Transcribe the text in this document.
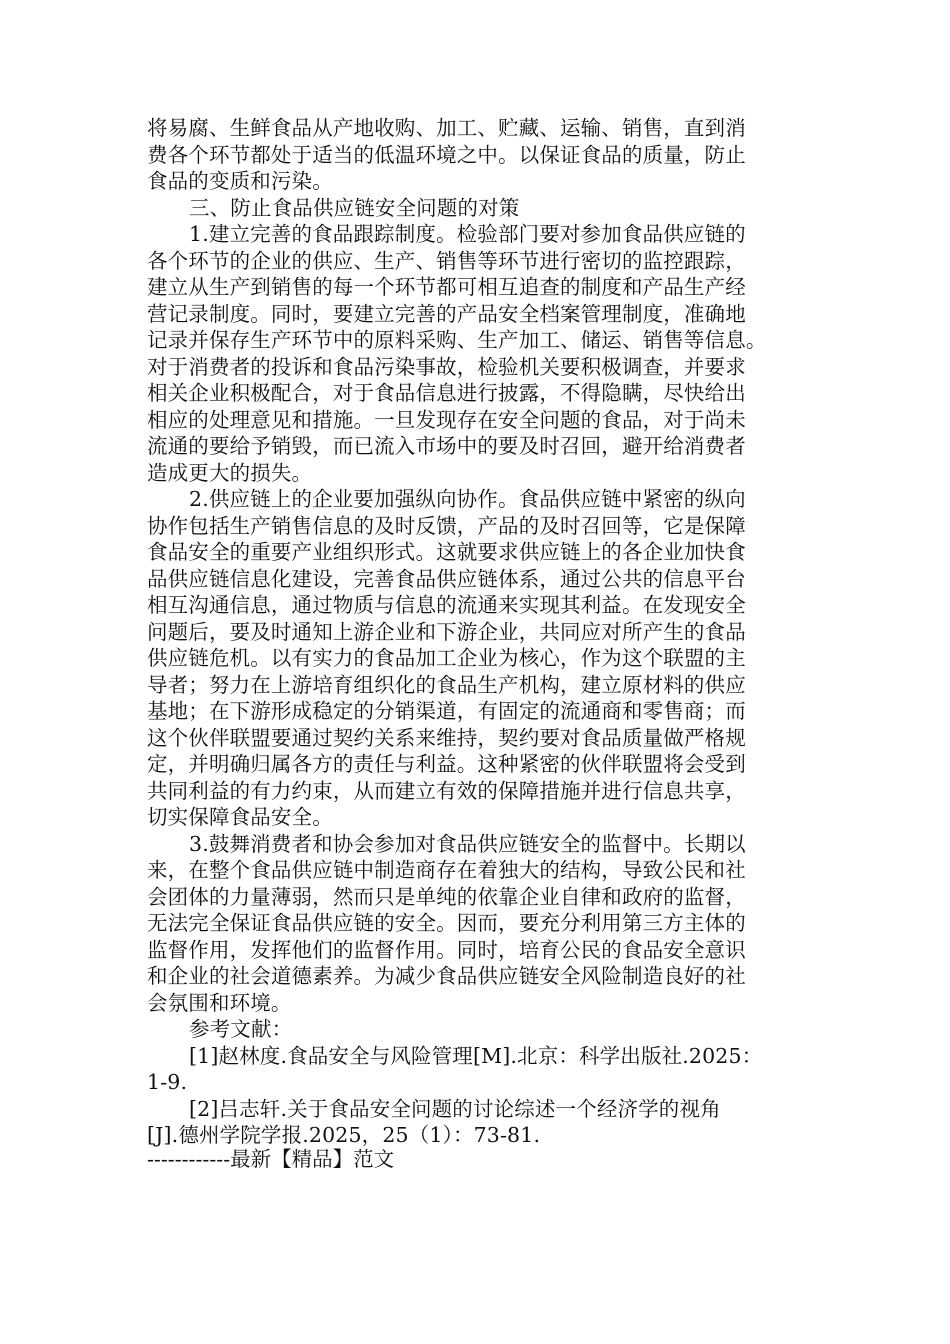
将易腐、生鲜食品从产地收购、加工、贮藏、运输、销售，直到消
费各个环节都处于适当的低温环境之中。以保证食品的质量，防止
食品的变质和污染。
三、防止食品供应链安全问题的对策
1.建立完善的食品跟踪制度。检验部门要对参加食品供应链的
各个环节的企业的供应、生产、销售等环节进行密切的监控跟踪，
建立从生产到销售的每一个环节都可相互追查的制度和产品生产经
营记录制度。同时，要建立完善的产品安全档案管理制度，准确地
记录并保存生产环节中的原料采购、生产加工、储运、销售等信息。
对于消费者的投诉和食品污染事故，检验机关要积极调查，并要求
相关企业积极配合，对于食品信息进行披露，不得隐瞒，尽快给出
相应的处理意见和措施。一旦发现存在安全问题的食品，对于尚未
流通的要给予销毁，而已流入市场中的要及时召回，避开给消费者
造成更大的损失。
2.供应链上的企业要加强纵向协作。食品供应链中紧密的纵向
协作包括生产销售信息的及时反馈，产品的及时召回等，它是保障
食品安全的重要产业组织形式。这就要求供应链上的各企业加快食
品供应链信息化建设，完善食品供应链体系，通过公共的信息平台
相互沟通信息，通过物质与信息的流通来实现其利益。在发现安全
问题后，要及时通知上游企业和下游企业，共同应对所产生的食品
供应链危机。以有实力的食品加工企业为核心，作为这个联盟的主
导者；努力在上游培育组织化的食品生产机构，建立原材料的供应
基地；在下游形成稳定的分销渠道，有固定的流通商和零售商；而
这个伙伴联盟要通过契约关系来维持，契约要对食品质量做严格规
定，并明确归属各方的责任与利益。这种紧密的伙伴联盟将会受到
共同利益的有力约束，从而建立有效的保障措施并进行信息共享，
切实保障食品安全。
3.鼓舞消费者和协会参加对食品供应链安全的监督中。长期以
来，在整个食品供应链中制造商存在着独大的结构，导致公民和社
会团体的力量薄弱，然而只是单纯的依靠企业自律和政府的监督，
无法完全保证食品供应链的安全。因而，要充分利用第三方主体的
监督作用，发挥他们的监督作用。同时，培育公民的食品安全意识
和企业的社会道德素养。为减少食品供应链安全风险制造良好的社
会氛围和环境。
参考文献：
[1]赵林度.食品安全与风险管理[M].北京：科学出版社.2025：
1-9.
[2]吕志轩.关于食品安全问题的讨论综述一个经济学的视角
[J].德州学院学报.2025，25（1）：73-81.
------------最新【精品】范文
